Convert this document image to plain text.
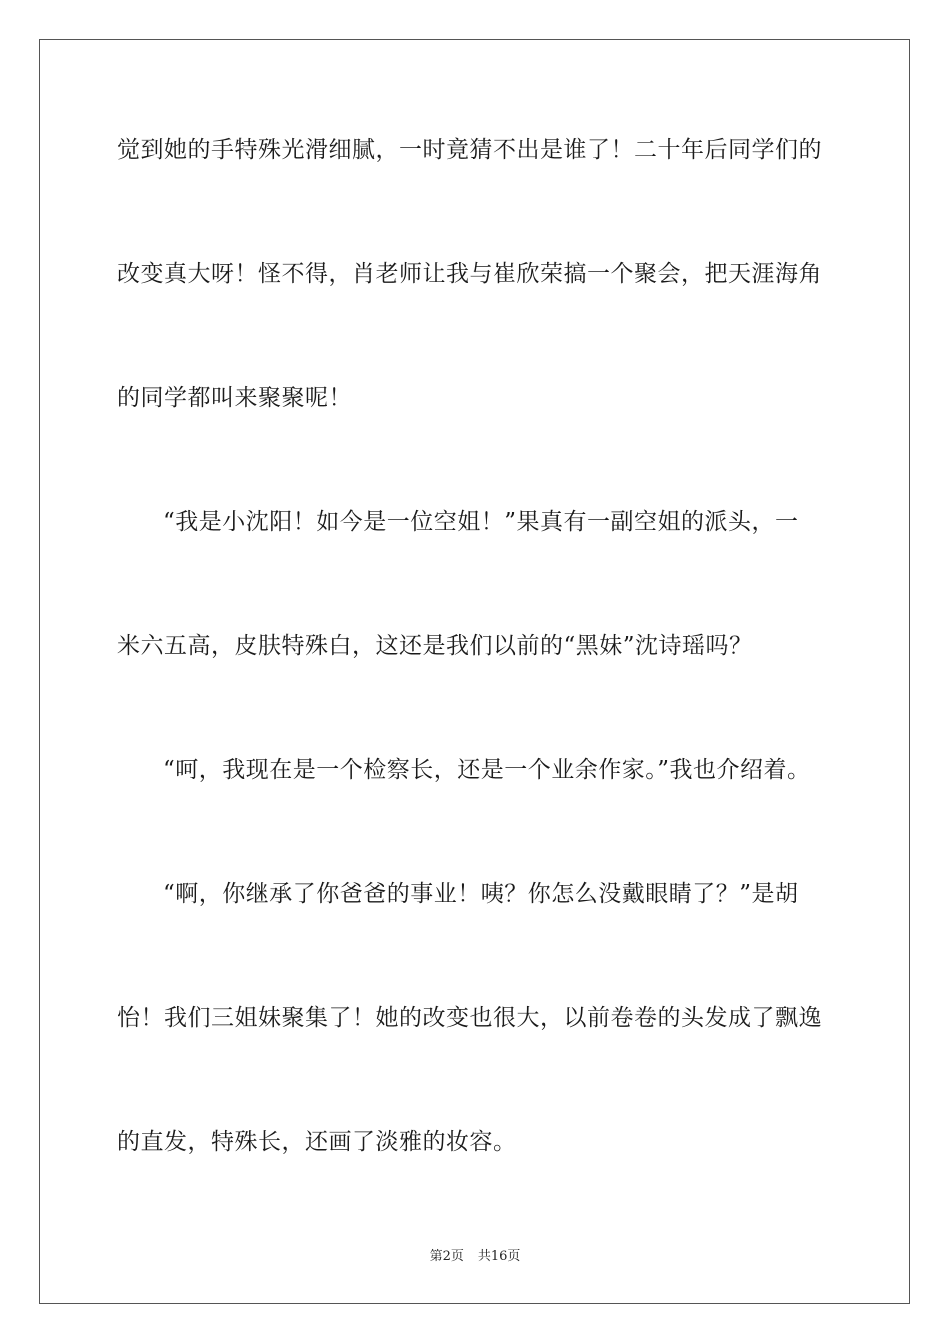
觉到她的手特殊光滑细腻，一时竟猜不出是谁了！二十年后同学们的
改变真大呀！怪不得，肖老师让我与崔欣荣搞一个聚会，把天涯海角
的同学都叫来聚聚呢！
“我是小沈阳！如今是一位空姐！”果真有一副空姐的派头，一
米六五高，皮肤特殊白，这还是我们以前的“黑妹”沈诗瑶吗？
“呵，我现在是一个检察长，还是一个业余作家。”我也介绍着。
“啊，你继承了你爸爸的事业！咦？你怎么没戴眼睛了？”是胡
怡！我们三姐妹聚集了！她的改变也很大，以前卷卷的头发成了飘逸
的直发，特殊长，还画了淡雅的妆容。
第2页 共16页
